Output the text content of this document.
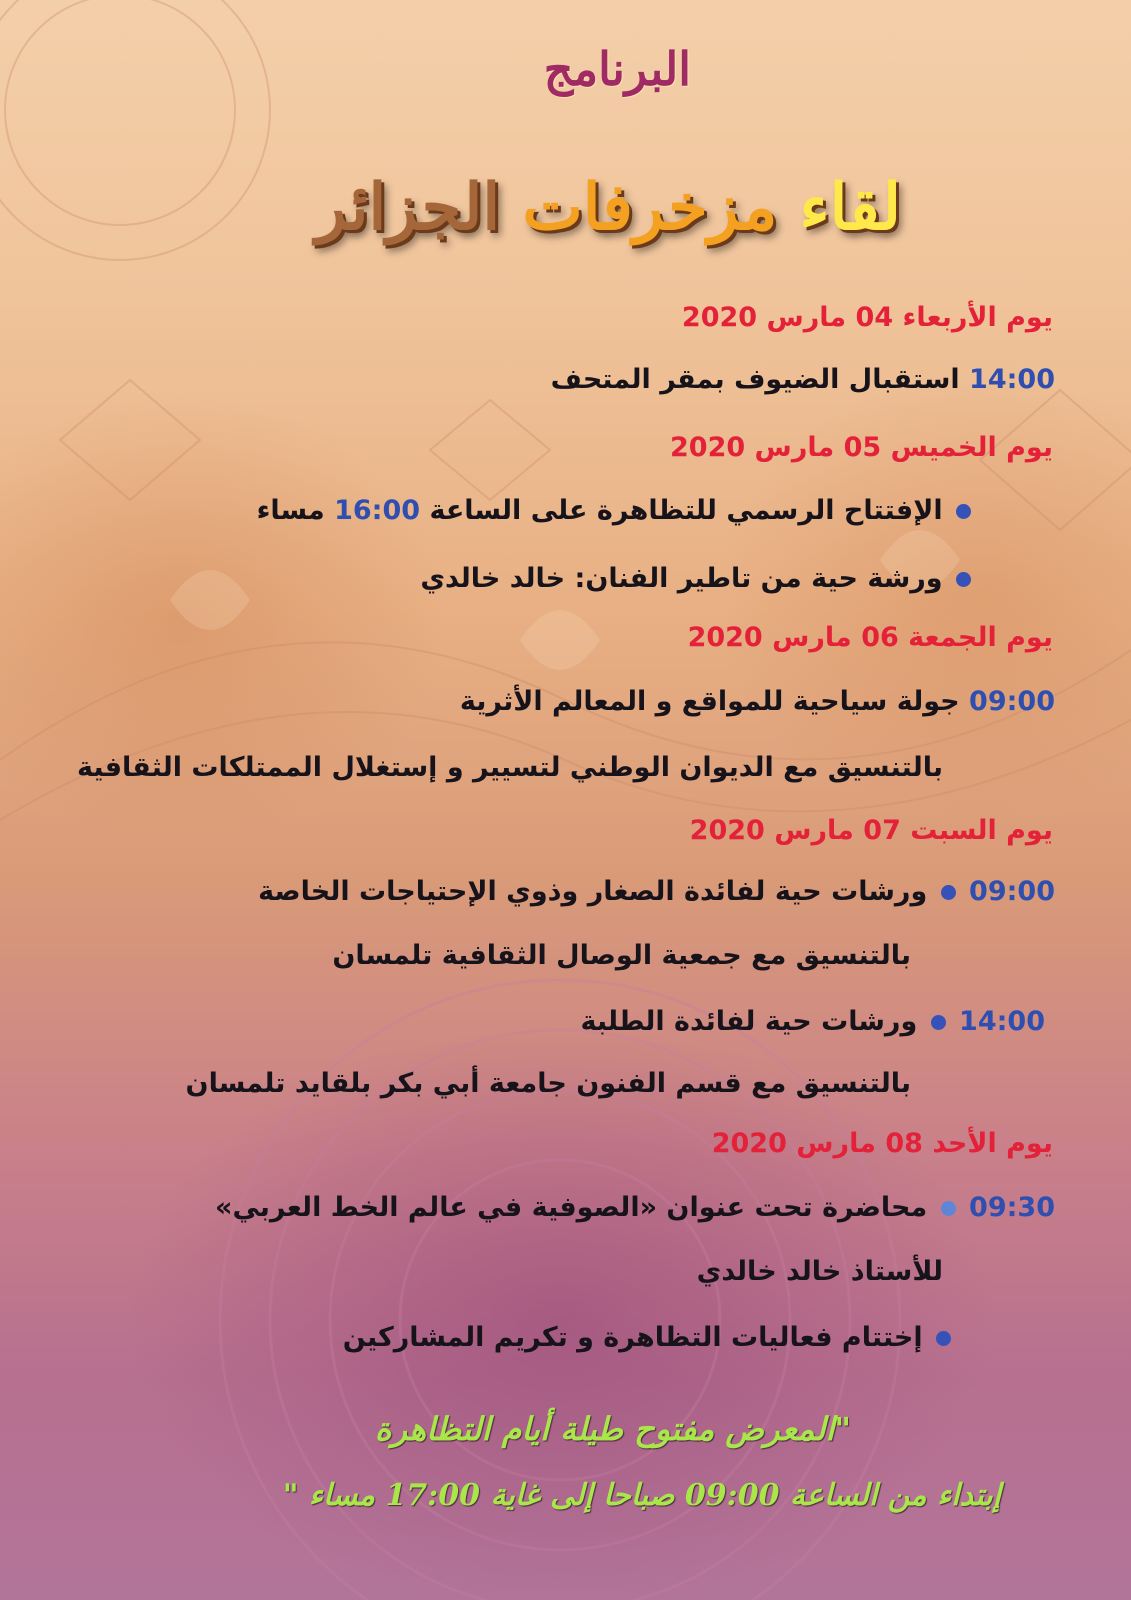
البرنامج
لقاء مزخرفات الجزائر
يوم الأربعاء 04 مارس 2020
14:00 استقبال الضيوف بمقر المتحف
يوم الخميس 05 مارس 2020
الإفتتاح الرسمي للتظاهرة على الساعة 16:00 مساء
ورشة حية من تاطير الفنان: خالد خالدي
يوم الجمعة 06 مارس 2020
09:00 جولة سياحية للمواقع و المعالم الأثرية
بالتنسيق مع الديوان الوطني لتسيير و إستغلال الممتلكات الثقافية
يوم السبت 07 مارس 2020
09:00  ورشات حية لفائدة الصغار وذوي الإحتياجات الخاصة
بالتنسيق مع جمعية الوصال الثقافية تلمسان
14:00  ورشات حية لفائدة الطلبة
بالتنسيق مع قسم الفنون جامعة أبي بكر بلقايد تلمسان
يوم الأحد 08 مارس 2020
09:30  محاضرة تحت عنوان «الصوفية في عالم الخط العربي»
للأستاذ خالد خالدي
إختتام فعاليات التظاهرة و تكريم المشاركين
"المعرض مفتوح طيلة أيام التظاهرة
إبتداء من الساعة 09:00 صباحا إلى غاية 17:00 مساء "
